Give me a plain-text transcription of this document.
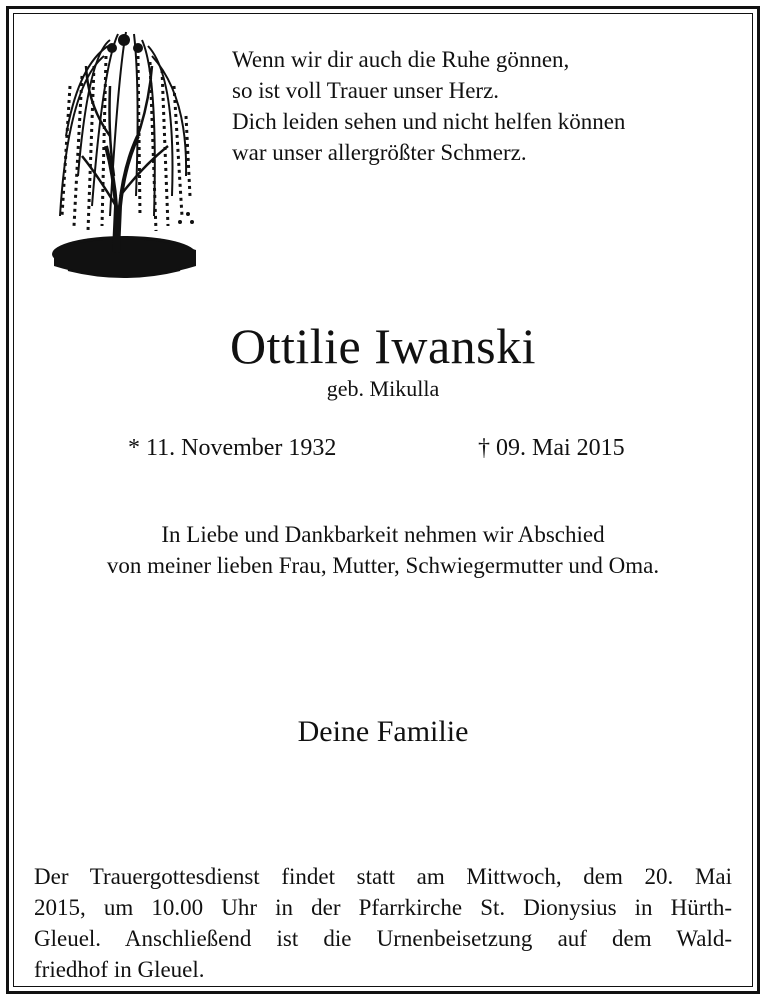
Wenn wir dir auch die Ruhe gönnen,
so ist voll Trauer unser Herz.
Dich leiden sehen und nicht helfen können
war unser allergrößter Schmerz.
Ottilie Iwanski
geb. Mikulla
* 11. November 1932	† 09. Mai 2015
In Liebe und Dankbarkeit nehmen wir Abschied
von meiner lieben Frau, Mutter, Schwiegermutter und Oma.
Deine Familie
Der Trauergottesdienst findet statt am Mittwoch, dem 20. Mai
2015, um 10.00 Uhr in der Pfarrkirche St. Dionysius in Hürth-
Gleuel. Anschließend ist die Urnenbeisetzung auf dem Wald-
friedhof in Gleuel.
